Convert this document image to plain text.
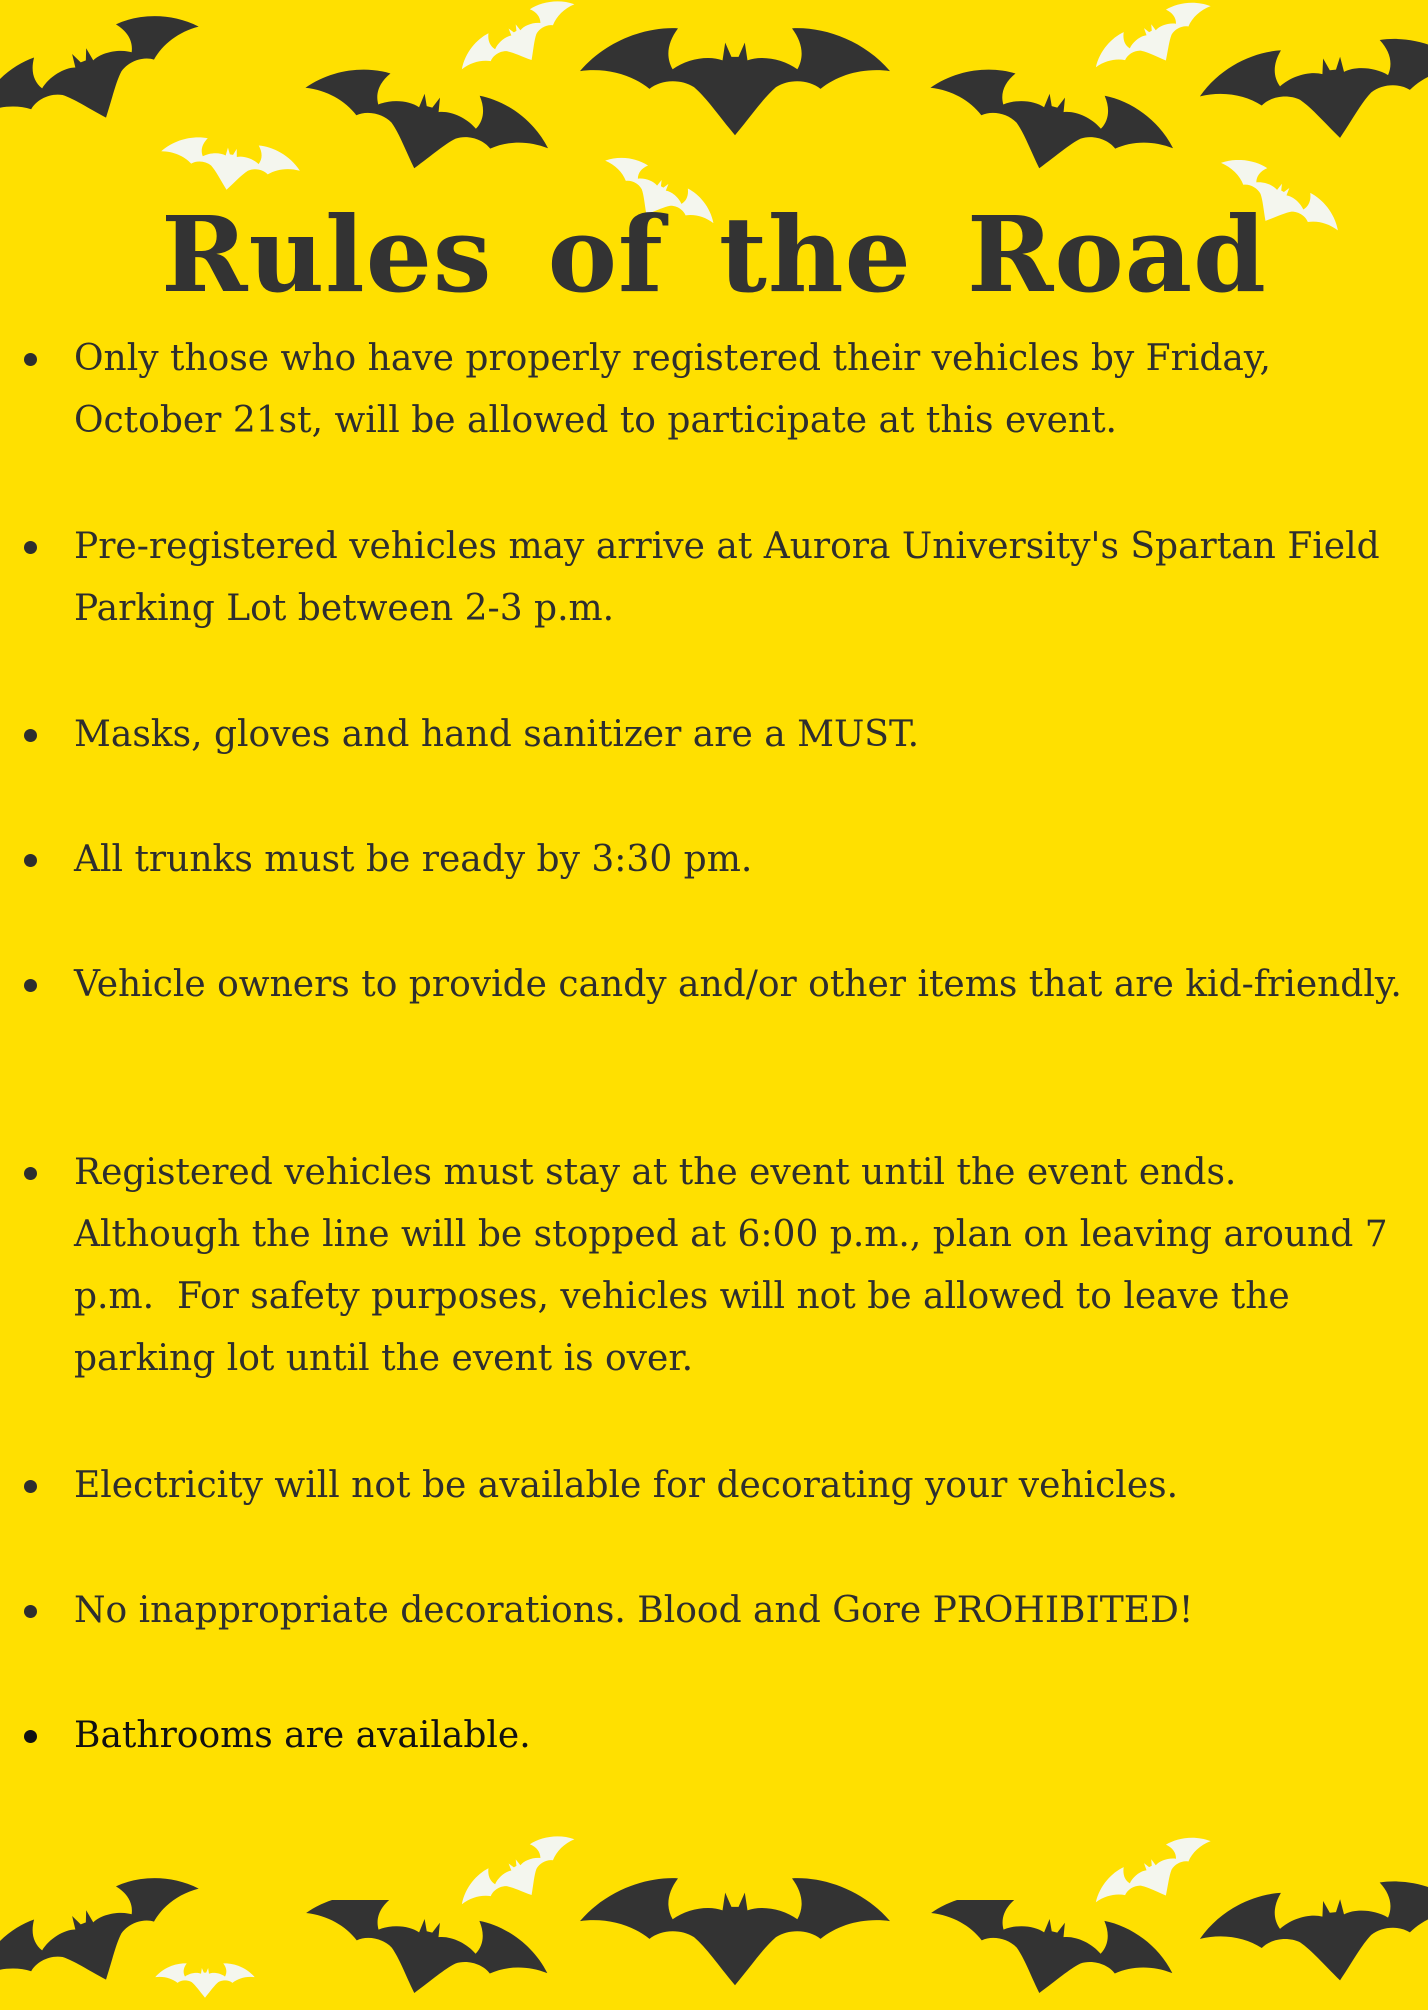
Rules of the Road
Only those who have properly registered their vehicles by Friday, October 21st, will be allowed to participate at this event.
Pre-registered vehicles may arrive at Aurora University's Spartan Field Parking Lot between 2-3 p.m.
Masks, gloves and hand sanitizer are a MUST.
All trunks must be ready by 3:30 pm.
Vehicle owners to provide candy and/or other items that are kid-friendly.
Registered vehicles must stay at the event until the event ends. Although the line will be stopped at 6:00 p.m., plan on leaving around 7 p.m.  For safety purposes, vehicles will not be allowed to leave the parking lot until the event is over.
Electricity will not be available for decorating your vehicles.
No inappropriate decorations. Blood and Gore PROHIBITED!
Bathrooms are available.
